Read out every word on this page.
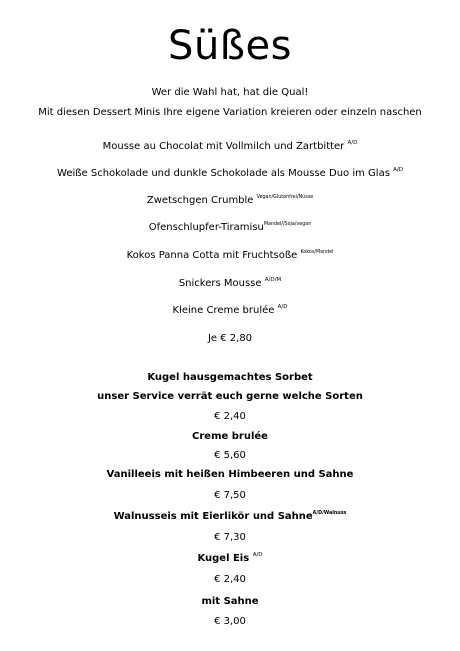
Süßes
Wer die Wahl hat, hat die Qual!
Mit diesen Dessert Minis Ihre eigene Variation kreieren oder einzeln naschen
Mousse au Chocolat mit Vollmilch und Zartbitter $^{A/D}$
Weiße Schokolade und dunkle Schokolade als Mousse Duo im Glas $^{A/D}$
Zwetschgen Crumble $^{Vegan/Glutenfrei/Nüsse}$
Ofenschlupfer-Tiramisu$^{Mandel//Soja/vegan}$
Kokos Panna Cotta mit Fruchtsoße $^{Kokos/Mandel}$
Snickers Mousse $^{A/D/M}$
Kleine Creme brulée $^{A/D}$
Je € 2,80
Kugel hausgemachtes Sorbet
unser Service verrät euch gerne welche Sorten
€ 2,40
Creme brulée
€ 5,60
Vanilleeis mit heißen Himbeeren und Sahne
€ 7,50
Walnusseis mit Eierlikör und Sahne$^{A/D/Walnuss}$
€ 7,30
Kugel Eis $^{A/D}$
€ 2,40
mit Sahne
€ 3,00
